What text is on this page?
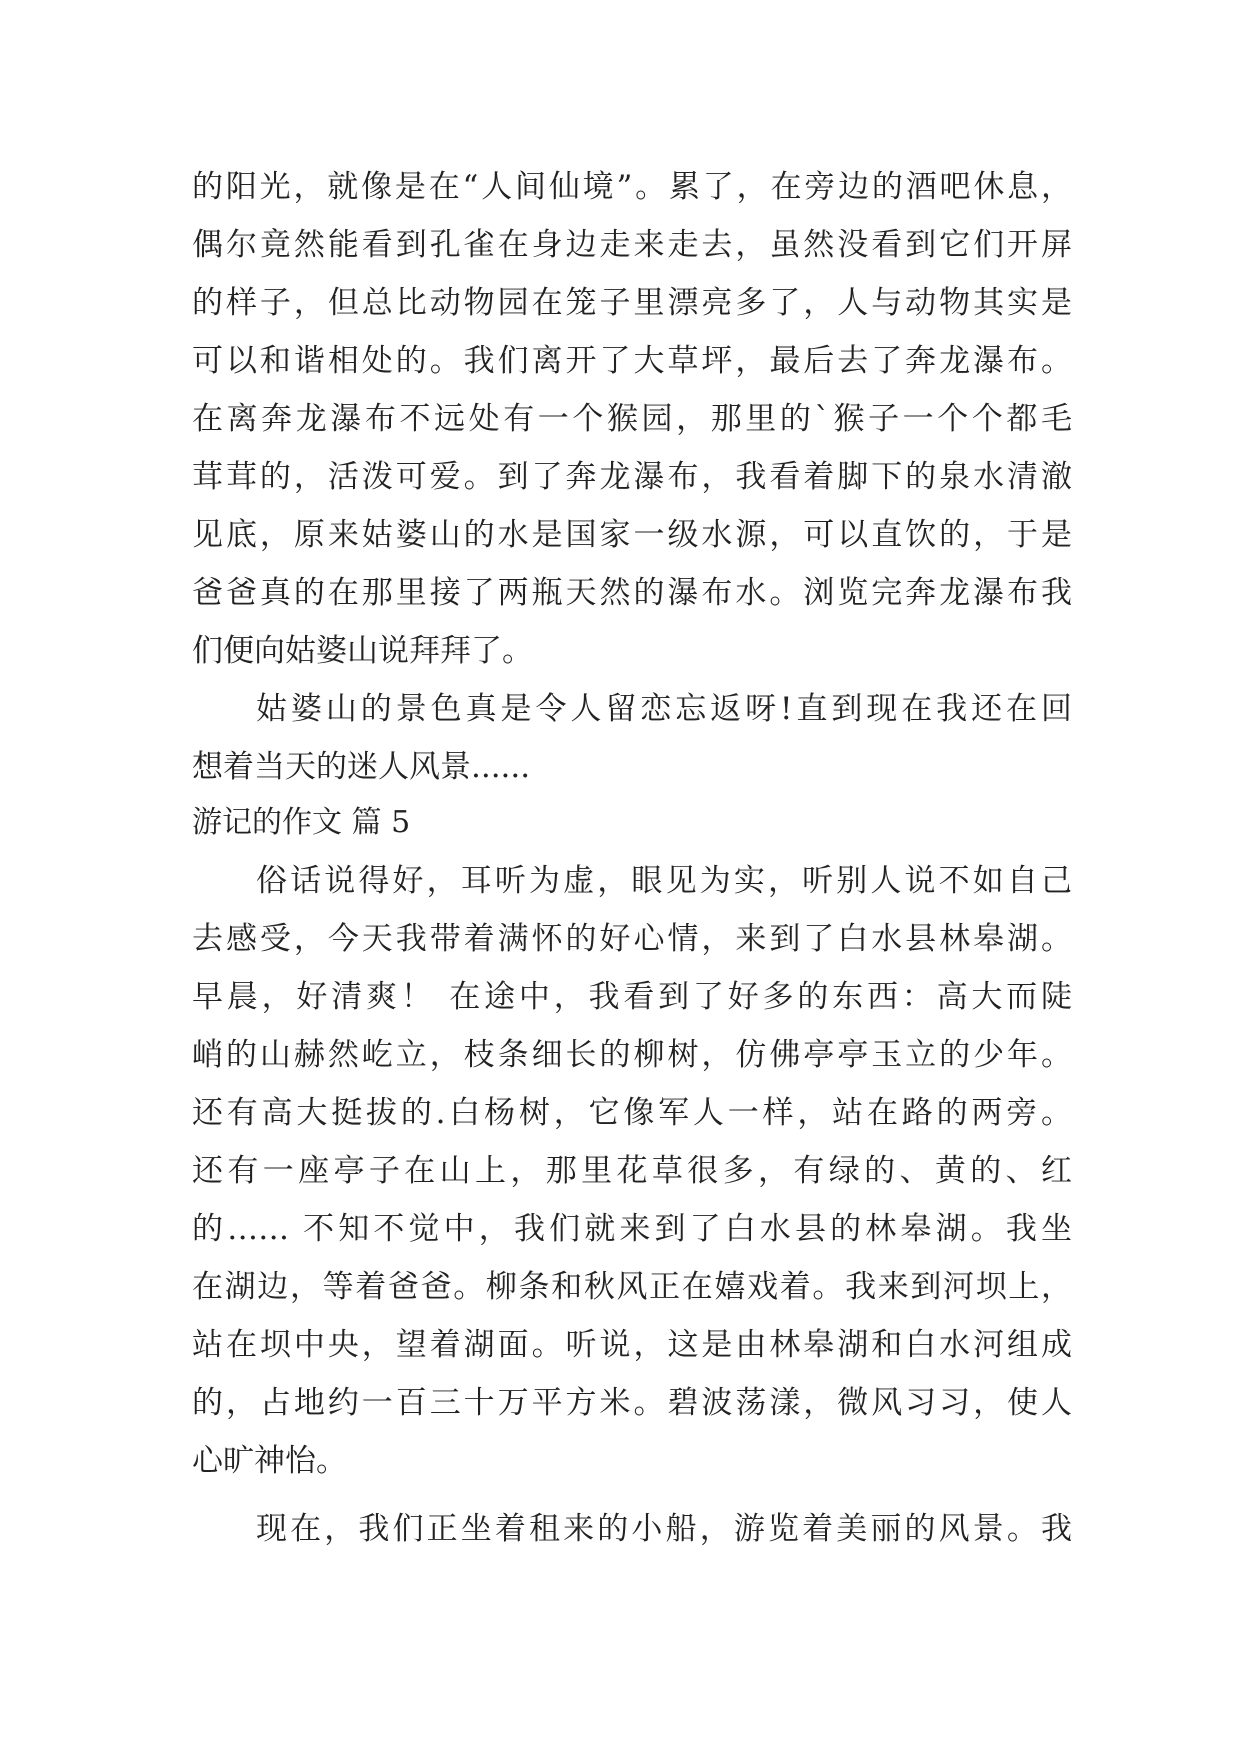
的阳光，就像是在“人间仙境”。累了，在旁边的酒吧休息，

偶尔竟然能看到孔雀在身边走来走去，虽然没看到它们开屏

的样子，但总比动物园在笼子里漂亮多了，人与动物其实是

可以和谐相处的。我们离开了大草坪，最后去了奔龙瀑布。

在离奔龙瀑布不远处有一个猴园，那里的`猴子一个个都毛

茸茸的，活泼可爱。到了奔龙瀑布，我看着脚下的泉水清澈

见底，原来姑婆山的水是国家一级水源，可以直饮的，于是

爸爸真的在那里接了两瓶天然的瀑布水。浏览完奔龙瀑布我

们便向姑婆山说拜拜了。

姑婆山的景色真是令人留恋忘返呀!直到现在我还在回

想着当天的迷人风景......

游记的作文 篇 5

俗话说得好，耳听为虚，眼见为实，听别人说不如自己

去感受，今天我带着满怀的好心情，来到了白水县林皋湖。

早晨，好清爽！ 在途中，我看到了好多的东西：高大而陡

峭的山赫然屹立，枝条细长的柳树，仿佛亭亭玉立的少年。

还有高大挺拔的.白杨树，它像军人一样，站在路的两旁。

还有一座亭子在山上，那里花草很多，有绿的、黄的、红

的…… 不知不觉中，我们就来到了白水县的林皋湖。我坐

在湖边，等着爸爸。柳条和秋风正在嬉戏着。我来到河坝上，

站在坝中央，望着湖面。听说，这是由林皋湖和白水河组成

的，占地约一百三十万平方米。碧波荡漾，微风习习，使人

心旷神怡。

现在，我们正坐着租来的小船，游览着美丽的风景。我
